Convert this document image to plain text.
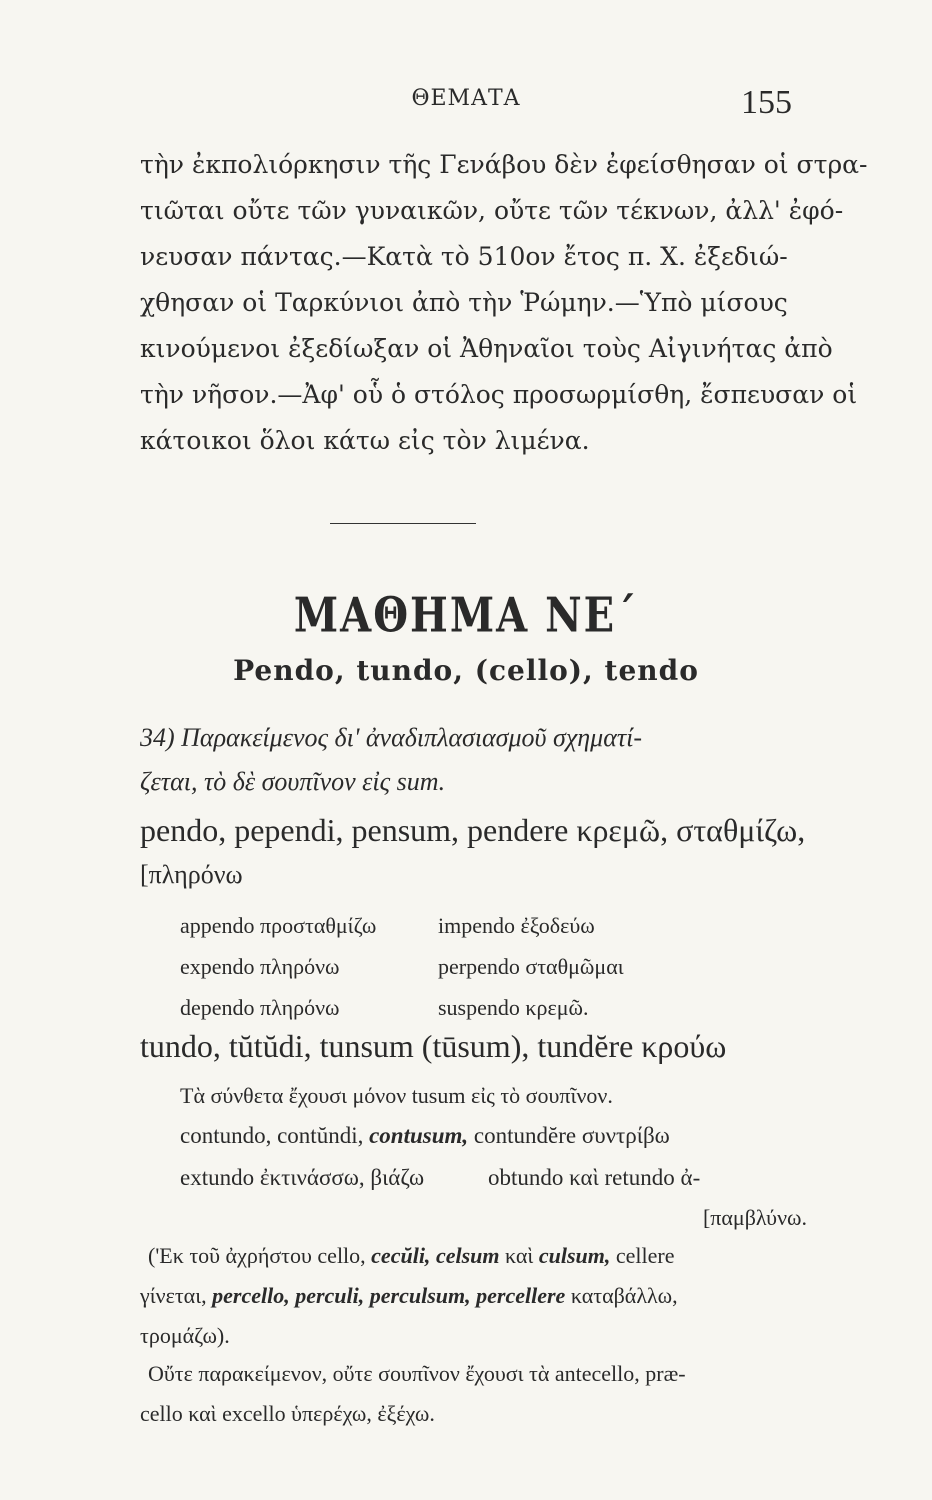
ΘΕΜΑΤΑ	155
τὴν ἐκπολιόρκησιν τῆς Γενάβου δὲν ἐφείσθησαν οἱ στρα-
τιῶται οὔτε τῶν γυναικῶν, οὔτε τῶν τέκνων, ἀλλ' ἐφό-
νευσαν πάντας.—Κατὰ τὸ 510ον ἔτος π. Χ. ἐξεδιώ-
χθησαν οἱ Ταρκύνιοι ἀπὸ τὴν Ῥώμην.—Ὑπὸ μίσους
κινούμενοι ἐξεδίωξαν οἱ Ἀθηναῖοι τοὺς Αἰγινήτας ἀπὸ
τὴν νῆσον.—Ἀφ' οὗ ὁ στόλος προσωρμίσθη, ἔσπευσαν οἱ
κάτοικοι ὅλοι κάτω εἰς τὸν λιμένα.
ΜΑΘΗΜΑ ΝΕ΄
Pendo, tundo, (cello), tendo
34) Παρακείμενος δι' ἀναδιπλασιασμοῦ σχηματί-
ζεται, τὸ δὲ σουπῖνον εἰς sum.
pendo, pependi, pensum, pendere κρεμῶ, σταθμίζω,
[πληρόνω
appendo προσταθμίζω
expendo πληρόνω
dependo πληρόνω
impendo ἐξοδεύω
perpendo σταθμῶμαι
suspendo κρεμῶ.
tundo, tŭtŭdi, tunsum (tūsum), tundĕre κρούω
Τὰ σύνθετα ἔχουσι μόνον tusum εἰς τὸ σουπῖνον.
contundo, contŭndi, contusum, contundĕre συντρίβω
extundo ἐκτινάσσω, βιάζω	obtundo καὶ retundo ἀ-
[παμβλύνω.
('Εκ τοῦ ἀχρήστου cello, cecŭli, celsum καὶ culsum, cellere
γίνεται, percello, perculi, perculsum, percellere καταβάλλω,
τρομάζω).
Οὔτε παρακείμενον, οὔτε σουπῖνον ἔχουσι τὰ antecello, præ-
cello καὶ excello ὑπερέχω, ἐξέχω.
